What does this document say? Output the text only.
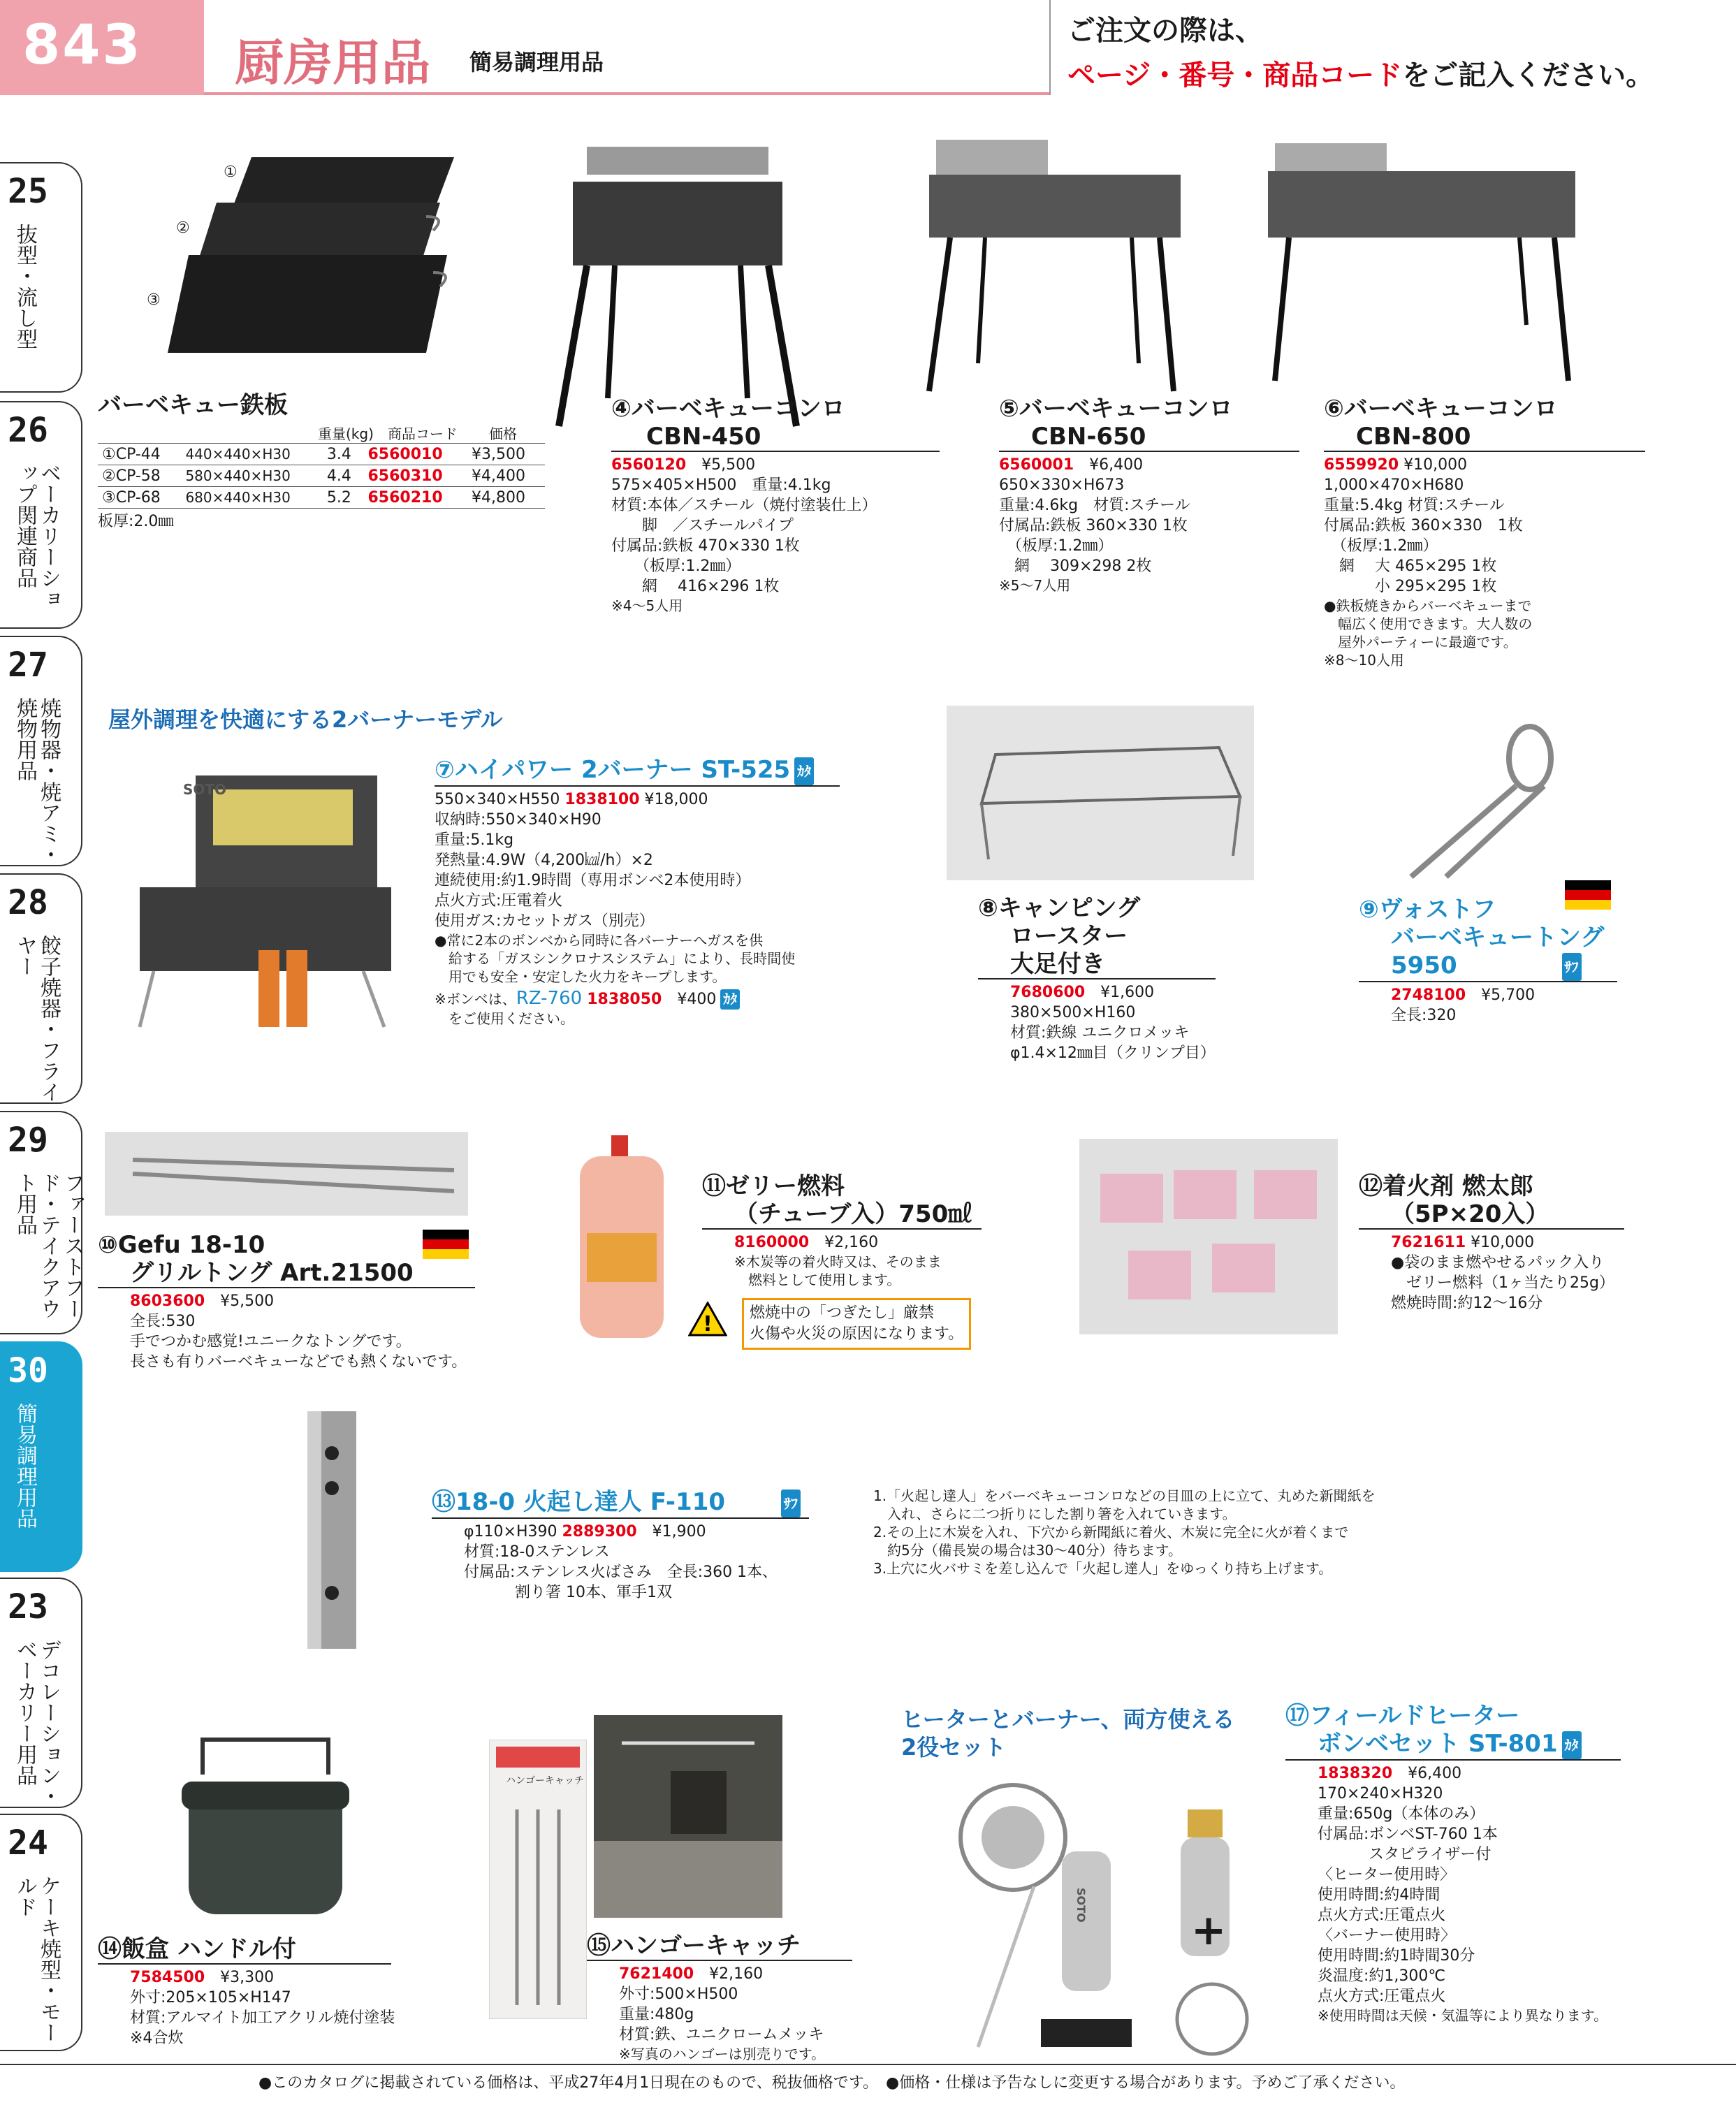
843 厨房用品 簡易調理用品
ご注文の際は、
ページ・番号・商品コードをご記入ください。
25
抜型・流し型
26
ベーカリーショップ関連商品
27
焼物器・焼アミ・焼物用品
28
餃子焼器・フライヤー
29
ファーストフード・テイクアウト用品
30
簡易調理用品
23
デコレーション・ベーカリー用品
24
ケーキ焼型・モールド
①
②
③
バーベキュー鉄板
重量(kg) 商品コード 価格
①CP-44	440×440×H30	3.4	6560010	¥3,500
②CP-58	580×440×H30	4.4	6560310	¥4,400
③CP-68	680×440×H30	5.2	6560210	¥4,800
板厚:2.0㎜
④バーベキューコンロ
CBN-450
6560120　 ¥5,500
575×405×H500　重量:4.1kg
材質:本体／スチール（焼付塗装仕上）
　　脚　／スチールパイプ
付属品:鉄板 470×330 1枚
　　（板厚:1.2㎜）
　　網　 416×296 1枚
※4～5人用
⑤バーベキューコンロ
CBN-650
6560001　 ¥6,400
650×330×H673
重量:4.6kg　材質:スチール
付属品:鉄板 360×330 1枚
　（板厚:1.2㎜）
　網　 309×298 2枚
※5～7人用
⑥バーベキューコンロ
CBN-800
6559920 ¥10,000
1,000×470×H680
重量:5.4kg 材質:スチール
付属品:鉄板 360×330　1枚
　（板厚:1.2㎜）
　網　 大 465×295 1枚
　　　 小 295×295 1枚
●鉄板焼きからバーベキューまで
　幅広く使用できます。大人数の
　屋外パーティーに最適です。
※8～10人用
屋外調理を快適にする2バーナーモデル
SOTO
⑦ハイパワー 2バーナー ST-525 ｶﾀ
550×340×H550 1838100 ¥18,000
収納時:550×340×H90
重量:5.1kg
発熱量:4.9W（4,200㎉/h）×2
連続使用:約1.9時間（専用ボンベ2本使用時）
点火方式:圧電着火
使用ガス:カセットガス（別売）
●常に2本のボンベから同時に各バーナーへガスを供
　給する「ガスシンクロナスシステム」により、長時間使
　用でも安全・安定した火力をキープします。
※ボンベは、RZ-760 1838050　 ¥400 ｶﾀ
をご使用ください。
⑧キャンピング
ロースター
大足付き
7680600　 ¥1,600
380×500×H160
材質:鉄線 ユニクロメッキ
φ1.4×12㎜目（クリンプ目）
⑨ヴォストフ
バーベキュートング
5950	ｻﾌ
2748100　 ¥5,700
全長:320
⑩Gefu 18-10
グリルトング Art.21500
8603600　 ¥5,500
全長:530
手でつかむ感覚!ユニークなトングです。
長さも有りバーベキューなどでも熱くないです。
⑪ゼリー燃料
（チューブ入）750㎖
8160000　 ¥2,160
※木炭等の着火時又は、そのまま
　燃料として使用します。
! 燃焼中の「つぎたし」厳禁
火傷や火災の原因になります。
⑫着火剤 燃太郎
（5P×20入）
7621611 ¥10,000
●袋のまま燃やせるパック入り
　ゼリー燃料（1ヶ当たり25g）
燃焼時間:約12～16分
⑬18-0 火起し達人 F-110	ｻﾌ
φ110×H390 2889300　 ¥1,900
材質:18-0ステンレス
付属品:ステンレス火ばさみ　全長:360 1本、
　　　 割り箸 10本、軍手1双
1.「火起し達人」をバーベキューコンロなどの目皿の上に立て、丸めた新聞紙を
　入れ、さらに二つ折りにした割り箸を入れていきます。
2.その上に木炭を入れ、下穴から新聞紙に着火、木炭に完全に火が着くまで
　約5分（備長炭の場合は30～40分）待ちます。
3.上穴に火バサミを差し込んで「火起し達人」をゆっくり持ち上げます。
⑭飯盒 ハンドル付
7584500　 ¥3,300
外寸:205×105×H147
材質:アルマイト加工アクリル焼付塗装
※4合炊
ハンゴーキャッチ
⑮ハンゴーキャッチ
7621400　 ¥2,160
外寸:500×H500
重量:480g
材質:鉄、ユニクロームメッキ
※写真のハンゴーは別売りです。
ヒーターとバーナー、両方使える
2役セット
+
SOTO
⑰フィールドヒーター
ボンベセット ST-801 ｶﾀ
1838320　 ¥6,400
170×240×H320
重量:650g（本体のみ）
付属品:ボンベST-760 1本
　　　 スタビライザー付
〈ヒーター使用時〉
使用時間:約4時間
点火方式:圧電点火
〈バーナー使用時〉
使用時間:約1時間30分
炎温度:約1,300℃
点火方式:圧電点火
※使用時間は天候・気温等により異なります。
●このカタログに掲載されている価格は、平成27年4月1日現在のもので、税抜価格です。　 ●価格・仕様は予告なしに変更する場合があります。予めご了承ください。
